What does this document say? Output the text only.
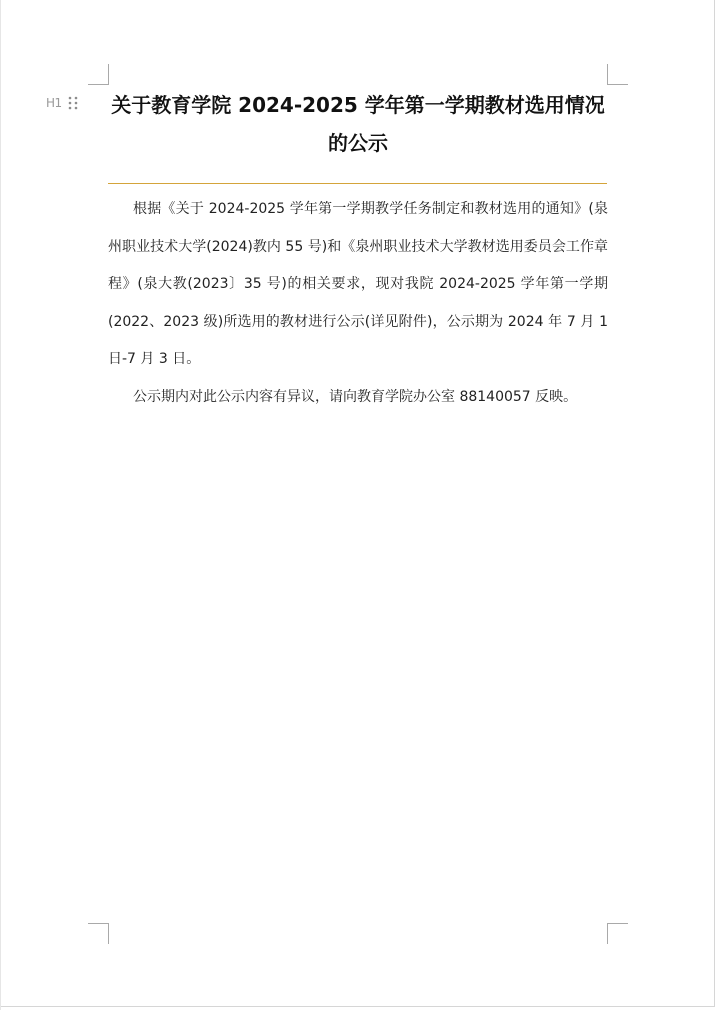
H1	关于教育学院 2024-2025 学年第一学期教材选用情况的公示

根据《关于 2024-2025 学年第一学期教学任务制定和教材选用的通知》(泉州职业技术大学(2024)教内 55 号)和《泉州职业技术大学教材选用委员会工作章程》(泉大教(2023〕35 号)的相关要求，现对我院 2024-2025 学年第一学期(2022、2023 级)所选用的教材进行公示(详见附件)，公示期为 2024 年 7 月 1 日-7 月 3 日。

公示期内对此公示内容有异议，请向教育学院办公室 88140057 反映。
